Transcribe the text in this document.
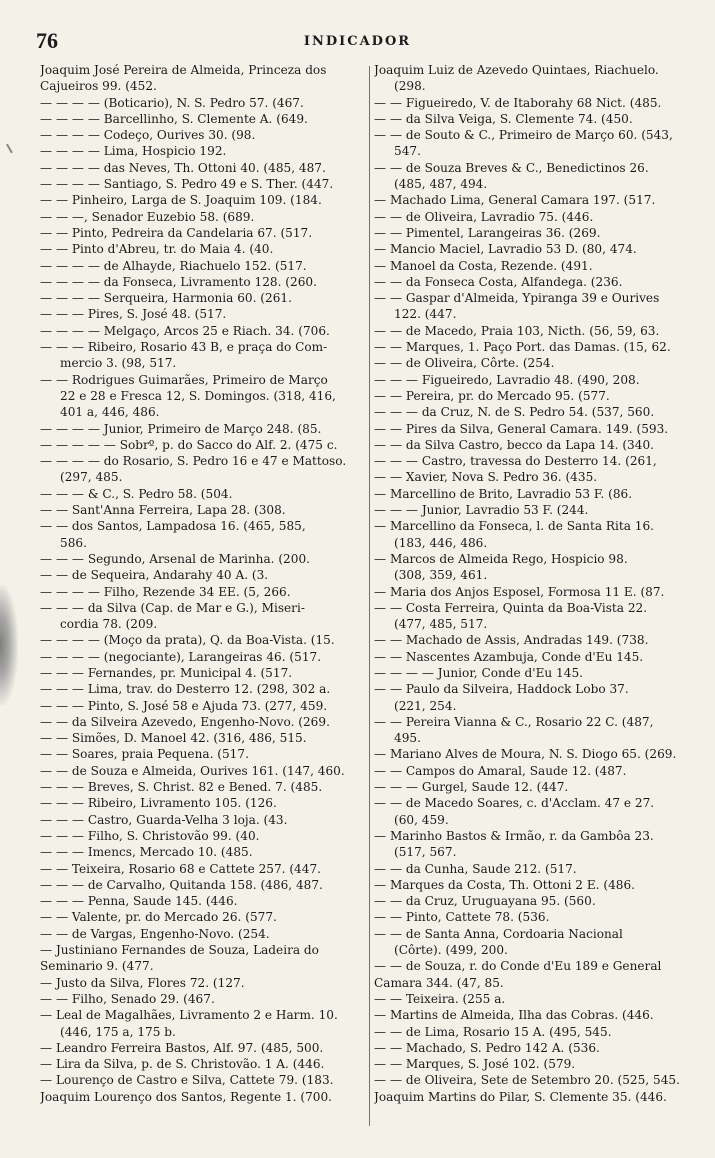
76	INDICADOR
Joaquim José Pereira de Almeida, Princeza dos
Cajueiros 99. (452.
— — — — (Boticario), N. S. Pedro 57. (467.
— — — — Barcellinho, S. Clemente A. (649.
— — — — Codeço, Ourives 30. (98.
— — — — Lima, Hospicio 192.
— — — — das Neves, Th. Ottoni 40. (485, 487.
— — — — Santiago, S. Pedro 49 e S. Ther. (447.
— — Pinheiro, Larga de S. Joaquim 109. (184.
— — —, Senador Euzebio 58. (689.
— — Pinto, Pedreira da Candelaria 67. (517.
— — Pinto d'Abreu, tr. do Maia 4. (40.
— — — — de Alhayde, Riachuelo 152. (517.
— — — — da Fonseca, Livramento 128. (260.
— — — — Serqueira, Harmonia 60. (261.
— — — Pires, S. José 48. (517.
— — — — Melgaço, Arcos 25 e Riach. 34. (706.
— — — Ribeiro, Rosario 43 B, e praça do Com-
mercio 3. (98, 517.
— — Rodrigues Guimarães, Primeiro de Março
22 e 28 e Fresca 12, S. Domingos. (318, 416,
401 a, 446, 486.
— — — — Junior, Primeiro de Março 248. (85.
— — — — — Sobrº, p. do Sacco do Alf. 2. (475 c.
— — — — do Rosario, S. Pedro 16 e 47 e Mattoso.
(297, 485.
— — — & C., S. Pedro 58. (504.
— — Sant'Anna Ferreira, Lapa 28. (308.
— — dos Santos, Lampadosa 16. (465, 585,
586.
— — — Segundo, Arsenal de Marinha. (200.
— — de Sequeira, Andarahy 40 A. (3.
— — — — Filho, Rezende 34 EE. (5, 266.
— — — da Silva (Cap. de Mar e G.), Miseri-
cordia 78. (209.
— — — — (Moço da prata), Q. da Boa-Vista. (15.
— — — — (negociante), Larangeiras 46. (517.
— — — Fernandes, pr. Municipal 4. (517.
— — — Lima, trav. do Desterro 12. (298, 302 a.
— — — Pinto, S. José 58 e Ajuda 73. (277, 459.
— — da Silveira Azevedo, Engenho-Novo. (269.
— — Simões, D. Manoel 42. (316, 486, 515.
— — Soares, praia Pequena. (517.
— — de Souza e Almeida, Ourives 161. (147, 460.
— — — Breves, S. Christ. 82 e Bened. 7. (485.
— — — Ribeiro, Livramento 105. (126.
— — — Castro, Guarda-Velha 3 loja. (43.
— — — Filho, S. Christovão 99. (40.
— — — Imencs, Mercado 10. (485.
— — Teixeira, Rosario 68 e Cattete 257. (447.
— — — de Carvalho, Quitanda 158. (486, 487.
— — — Penna, Saude 145. (446.
— — Valente, pr. do Mercado 26. (577.
— — de Vargas, Engenho-Novo. (254.
— Justiniano Fernandes de Souza, Ladeira do
Seminario 9. (477.
— Justo da Silva, Flores 72. (127.
— — Filho, Senado 29. (467.
— Leal de Magalhães, Livramento 2 e Harm. 10.
(446, 175 a, 175 b.
— Leandro Ferreira Bastos, Alf. 97. (485, 500.
— Lira da Silva, p. de S. Christovão. 1 A. (446.
— Lourenço de Castro e Silva, Cattete 79. (183.
Joaquim Lourenço dos Santos, Regente 1. (700.
Joaquim Luiz de Azevedo Quintaes, Riachuelo.
(298.
— — Figueiredo, V. de Itaborahy 68 Nict. (485.
— — da Silva Veiga, S. Clemente 74. (450.
— — de Souto & C., Primeiro de Março 60. (543,
547.
— — de Souza Breves & C., Benedictinos 26.
(485, 487, 494.
— Machado Lima, General Camara 197. (517.
— — de Oliveira, Lavradio 75. (446.
— — Pimentel, Larangeiras 36. (269.
— Mancio Maciel, Lavradio 53 D. (80, 474.
— Manoel da Costa, Rezende. (491.
— — da Fonseca Costa, Alfandega. (236.
— — Gaspar d'Almeida, Ypiranga 39 e Ourives
122. (447.
— — de Macedo, Praia 103, Nicth. (56, 59, 63.
— — Marques, 1. Paço Port. das Damas. (15, 62.
— — de Oliveira, Côrte. (254.
— — — Figueiredo, Lavradio 48. (490, 208.
— — Pereira, pr. do Mercado 95. (577.
— — — da Cruz, N. de S. Pedro 54. (537, 560.
— — Pires da Silva, General Camara. 149. (593.
— — da Silva Castro, becco da Lapa 14. (340.
— — — Castro, travessa do Desterro 14. (261,
— — Xavier, Nova S. Pedro 36. (435.
— Marcellino de Brito, Lavradio 53 F. (86.
— — — Junior, Lavradio 53 F. (244.
— Marcellino da Fonseca, l. de Santa Rita 16.
(183, 446, 486.
— Marcos de Almeida Rego, Hospicio 98.
(308, 359, 461.
— Maria dos Anjos Esposel, Formosa 11 E. (87.
— — Costa Ferreira, Quinta da Boa-Vista 22.
(477, 485, 517.
— — Machado de Assis, Andradas 149. (738.
— — Nascentes Azambuja, Conde d'Eu 145.
— — — — Junior, Conde d'Eu 145.
— — Paulo da Silveira, Haddock Lobo 37.
(221, 254.
— — Pereira Vianna & C., Rosario 22 C. (487,
495.
— Mariano Alves de Moura, N. S. Diogo 65. (269.
— — Campos do Amaral, Saude 12. (487.
— — — Gurgel, Saude 12. (447.
— — de Macedo Soares, c. d'Acclam. 47 e 27.
(60, 459.
— Marinho Bastos & Irmão, r. da Gambôa 23.
(517, 567.
— — da Cunha, Saude 212. (517.
— Marques da Costa, Th. Ottoni 2 E. (486.
— — da Cruz, Uruguayana 95. (560.
— — Pinto, Cattete 78. (536.
— — de Santa Anna, Cordoaria Nacional
(Côrte). (499, 200.
— — de Souza, r. do Conde d'Eu 189 e General
Camara 344. (47, 85.
— — Teixeira. (255 a.
— Martins de Almeida, Ilha das Cobras. (446.
— — de Lima, Rosario 15 A. (495, 545.
— — Machado, S. Pedro 142 A. (536.
— — Marques, S. José 102. (579.
— — de Oliveira, Sete de Setembro 20. (525, 545.
Joaquim Martins do Pilar, S. Clemente 35. (446.
